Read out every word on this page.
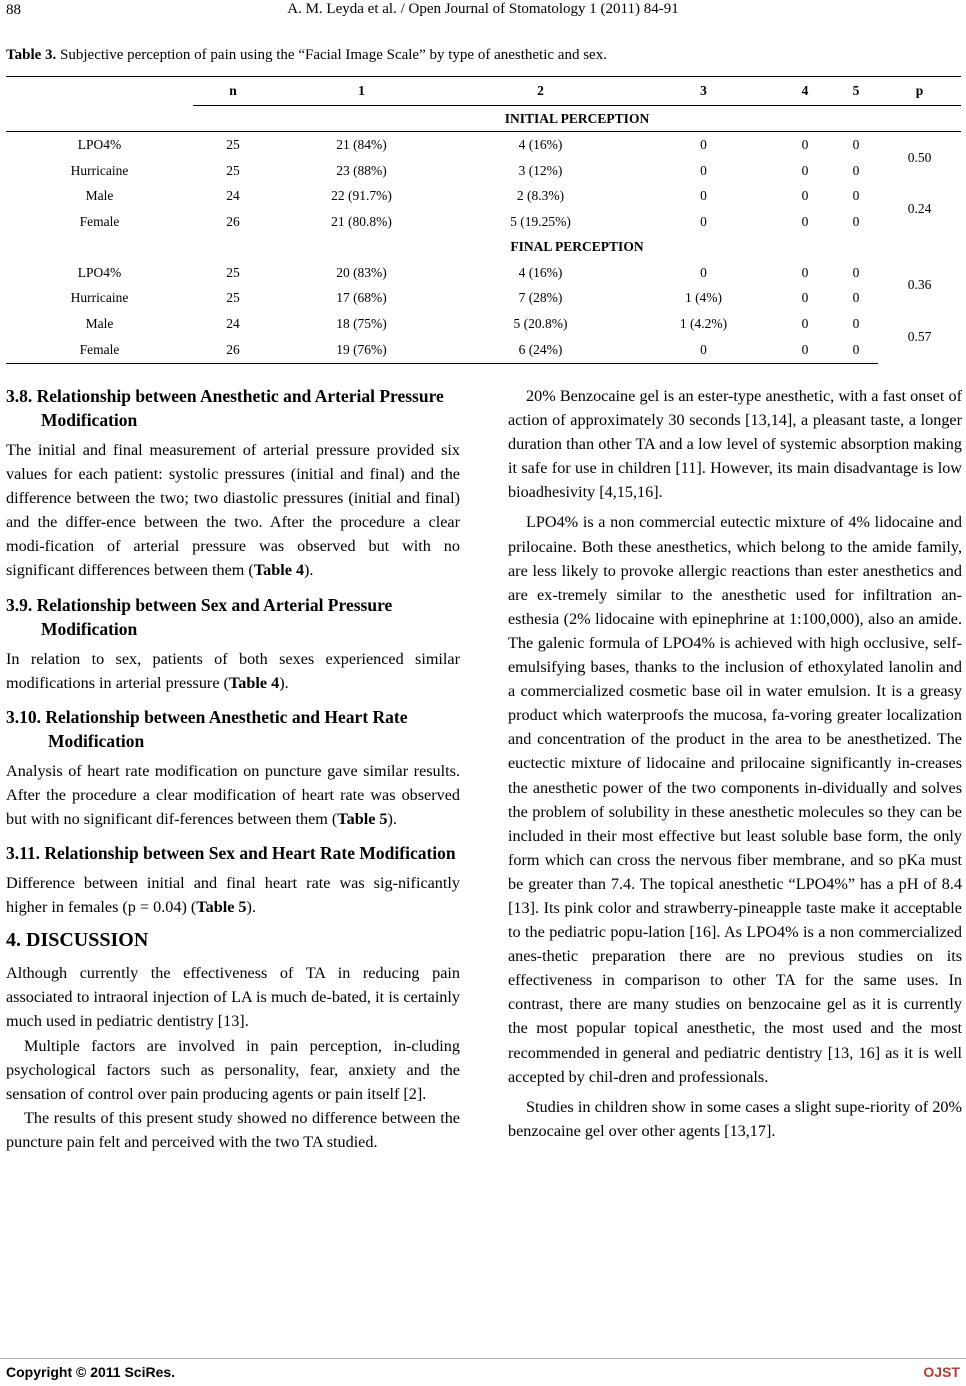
88	A. M. Leyda et al. / Open Journal of Stomatology 1 (2011) 84-91
Table 3. Subjective perception of pain using the “Facial Image Scale” by type of anesthetic and sex.
	n	1	2	3	4	5	p
	INITIAL PERCEPTION						
LPO4%	25	21 (84%)	4 (16%)	0	0	0	0.50
Hurricaine	25	23 (88%)	3 (12%)	0	0	0	
Male	24	22 (91.7%)	2 (8.3%)	0	0	0	0.24
Female	26	21 (80.8%)	5 (19.25%)	0	0	0	
	FINAL PERCEPTION						
LPO4%	25	20 (83%)	4 (16%)	0	0	0	0.36
Hurricaine	25	17 (68%)	7 (28%)	1 (4%)	0	0	
Male	24	18 (75%)	5 (20.8%)	1 (4.2%)	0	0	0.57
Female	26	19 (76%)	6 (24%)	0	0	0	
3.8. Relationship between Anesthetic and Arterial Pressure Modification

The initial and final measurement of arterial pressure provided six values for each patient: systolic pressures (initial and final) and the difference between the two; two diastolic pressures (initial and final) and the differ-ence between the two. After the procedure a clear modi-fication of arterial pressure was observed but with no significant differences between them (Table 4).

3.9. Relationship between Sex and Arterial Pressure Modification

In relation to sex, patients of both sexes experienced similar modifications in arterial pressure (Table 4).

3.10. Relationship between Anesthetic and Heart Rate Modification

Analysis of heart rate modification on puncture gave similar results. After the procedure a clear modification of heart rate was observed but with no significant dif-ferences between them (Table 5).

3.11. Relationship between Sex and Heart Rate Modification

Difference between initial and final heart rate was sig-nificantly higher in females (p = 0.04) (Table 5).

4. DISCUSSION

Although currently the effectiveness of TA in reducing pain associated to intraoral injection of LA is much de-bated, it is certainly much used in pediatric dentistry [13].

Multiple factors are involved in pain perception, in-cluding psychological factors such as personality, fear, anxiety and the sensation of control over pain producing agents or pain itself [2].

The results of this present study showed no difference between the puncture pain felt and perceived with the two TA studied.

20% Benzocaine gel is an ester-type anesthetic, with a fast onset of action of approximately 30 seconds [13,14], a pleasant taste, a longer duration than other TA and a low level of systemic absorption making it safe for use in children [11]. However, its main disadvantage is low bioadhesivity [4,15,16].

LPO4% is a non commercial eutectic mixture of 4% lidocaine and prilocaine. Both these anesthetics, which belong to the amide family, are less likely to provoke allergic reactions than ester anesthetics and are ex-tremely similar to the anesthetic used for infiltration an-esthesia (2% lidocaine with epinephrine at 1:100,000), also an amide. The galenic formula of LPO4% is achieved with high occlusive, self-emulsifying bases, thanks to the inclusion of ethoxylated lanolin and a commercialized cosmetic base oil in water emulsion. It is a greasy product which waterproofs the mucosa, fa-voring greater localization and concentration of the product in the area to be anesthetized. The euctectic mixture of lidocaine and prilocaine significantly in-creases the anesthetic power of the two components in-dividually and solves the problem of solubility in these anesthetic molecules so they can be included in their most effective but least soluble base form, the only form which can cross the nervous fiber membrane, and so pKa must be greater than 7.4. The topical anesthetic “LPO4%” has a pH of 8.4 [13]. Its pink color and strawberry-pineapple taste make it acceptable to the pediatric popu-lation [16]. As LPO4% is a non commercialized anes-thetic preparation there are no previous studies on its effectiveness in comparison to other TA for the same uses. In contrast, there are many studies on benzocaine gel as it is currently the most popular topical anesthetic, the most used and the most recommended in general and pediatric dentistry [13, 16] as it is well accepted by chil-dren and professionals.

Studies in children show in some cases a slight supe-riority of 20% benzocaine gel over other agents [13,17].

Copyright © 2011 SciRes.	OJST
